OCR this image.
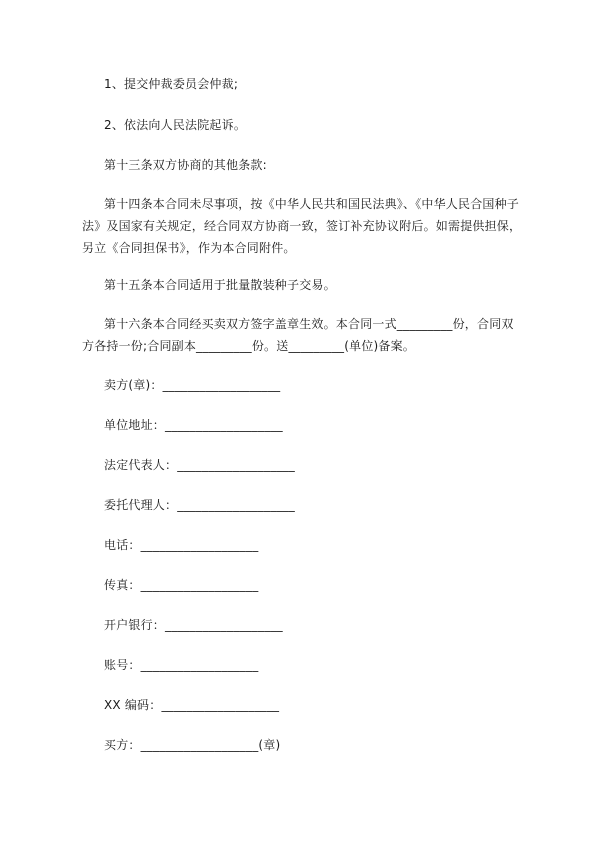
1、提交仲裁委员会仲裁;
2、依法向人民法院起诉。
第十三条双方协商的其他条款:
第十四条本合同未尽事项，按《中华人民共和国民法典》、《中华人民合国种子法》及国家有关规定，经合同双方协商一致，签订补充协议附后。如需提供担保，另立《合同担保书》，作为本合同附件。
第十五条本合同适用于批量散装种子交易。
第十六条本合同经买卖双方签字盖章生效。本合同一式_________份，合同双方各持一份;合同副本_________份。送_________(单位)备案。
卖方(章)：___________________
单位地址：___________________
法定代表人：___________________
委托代理人：___________________
电话：___________________
传真：___________________
开户银行：___________________
账号：___________________
XX 编码：___________________
买方：___________________(章)
